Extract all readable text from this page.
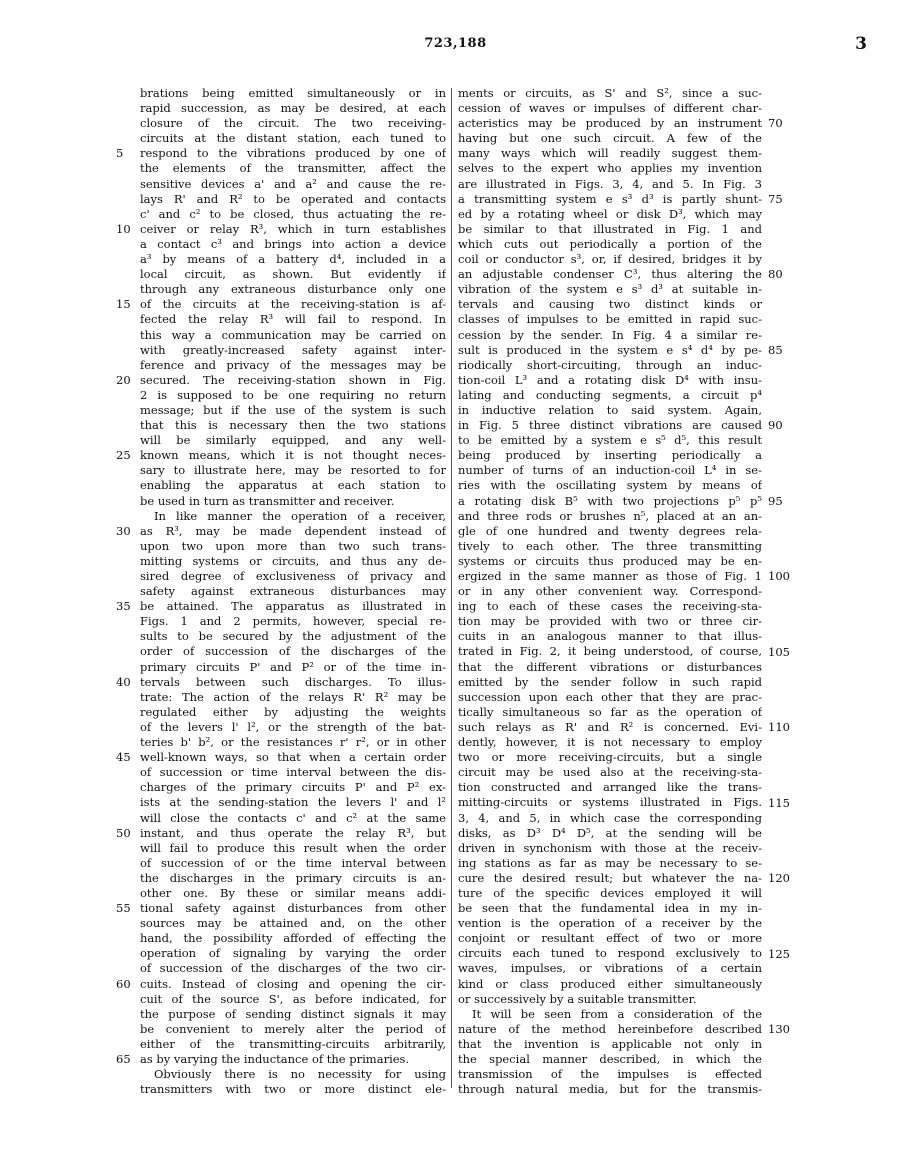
723,188	3
brations being emitted simultaneously or in
rapid succession, as may be desired, at each
closure of the circuit. The two receiving-
circuits at the distant station, each tuned to
respond to the vibrations produced by one of
the elements of the transmitter, affect the
sensitive devices a' and a² and cause the re-
lays R' and R² to be operated and contacts
c' and c² to be closed, thus actuating the re-
ceiver or relay R³, which in turn establishes
a contact c³ and brings into action a device
a³ by means of a battery d⁴, included in a
local circuit, as shown. But evidently if
through any extraneous disturbance only one
of the circuits at the receiving-station is af-
fected the relay R³ will fail to respond. In
this way a communication may be carried on
with greatly-increased safety against inter-
ference and privacy of the messages may be
secured. The receiving-station shown in Fig.
2 is supposed to be one requiring no return
message; but if the use of the system is such
that this is necessary then the two stations
will be similarly equipped, and any well-
known means, which it is not thought neces-
sary to illustrate here, may be resorted to for
enabling the apparatus at each station to
be used in turn as transmitter and receiver.
In like manner the operation of a receiver,
as R³, may be made dependent instead of
upon two upon more than two such trans-
mitting systems or circuits, and thus any de-
sired degree of exclusiveness of privacy and
safety against extraneous disturbances may
be attained. The apparatus as illustrated in
Figs. 1 and 2 permits, however, special re-
sults to be secured by the adjustment of the
order of succession of the discharges of the
primary circuits P' and P² or of the time in-
tervals between such discharges. To illus-
trate: The action of the relays R' R² may be
regulated either by adjusting the weights
of the levers l' l², or the strength of the bat-
teries b' b², or the resistances r' r², or in other
well-known ways, so that when a certain order
of succession or time interval between the dis-
charges of the primary circuits P' and P² ex-
ists at the sending-station the levers l' and l²
will close the contacts c' and c² at the same
instant, and thus operate the relay R³, but
will fail to produce this result when the order
of succession of or the time interval between
the discharges in the primary circuits is an-
other one. By these or similar means addi-
tional safety against disturbances from other
sources may be attained and, on the other
hand, the possibility afforded of effecting the
operation of signaling by varying the order
of succession of the discharges of the two cir-
cuits. Instead of closing and opening the cir-
cuit of the source S', as before indicated, for
the purpose of sending distinct signals it may
be convenient to merely alter the period of
either of the transmitting-circuits arbitrarily,
as by varying the inductance of the primaries.
Obviously there is no necessity for using
transmitters with two or more distinct ele-
ments or circuits, as S' and S², since a suc-
cession of waves or impulses of different char-
acteristics may be produced by an instrument
having but one such circuit. A few of the
many ways which will readily suggest them-
selves to the expert who applies my invention
are illustrated in Figs. 3, 4, and 5. In Fig. 3
a transmitting system e s³ d³ is partly shunt-
ed by a rotating wheel or disk D³, which may
be similar to that illustrated in Fig. 1 and
which cuts out periodically a portion of the
coil or conductor s³, or, if desired, bridges it by
an adjustable condenser C³, thus altering the
vibration of the system e s³ d³ at suitable in-
tervals and causing two distinct kinds or
classes of impulses to be emitted in rapid suc-
cession by the sender. In Fig. 4 a similar re-
sult is produced in the system e s⁴ d⁴ by pe-
riodically short-circuiting, through an induc-
tion-coil L³ and a rotating disk D⁴ with insu-
lating and conducting segments, a circuit p⁴
in inductive relation to said system. Again,
in Fig. 5 three distinct vibrations are caused
to be emitted by a system e s⁵ d⁵, this result
being produced by inserting periodically a
number of turns of an induction-coil L⁴ in se-
ries with the oscillating system by means of
a rotating disk B⁵ with two projections p⁵ p⁵
and three rods or brushes n⁵, placed at an an-
gle of one hundred and twenty degrees rela-
tively to each other. The three transmitting
systems or circuits thus produced may be en-
ergized in the same manner as those of Fig. 1
or in any other convenient way. Correspond-
ing to each of these cases the receiving-sta-
tion may be provided with two or three cir-
cuits in an analogous manner to that illus-
trated in Fig. 2, it being understood, of course,
that the different vibrations or disturbances
emitted by the sender follow in such rapid
succession upon each other that they are prac-
tically simultaneous so far as the operation of
such relays as R' and R² is concerned. Evi-
dently, however, it is not necessary to employ
two or more receiving-circuits, but a single
circuit may be used also at the receiving-sta-
tion constructed and arranged like the trans-
mitting-circuits or systems illustrated in Figs.
3, 4, and 5, in which case the corresponding
disks, as D³ D⁴ D⁵, at the sending will be
driven in synchonism with those at the receiv-
ing stations as far as may be necessary to se-
cure the desired result; but whatever the na-
ture of the specific devices employed it will
be seen that the fundamental idea in my in-
vention is the operation of a receiver by the
conjoint or resultant effect of two or more
circuits each tuned to respond exclusively to
waves, impulses, or vibrations of a certain
kind or class produced either simultaneously
or successively by a suitable transmitter.
It will be seen from a consideration of the
nature of the method hereinbefore described
that the invention is applicable not only in
the special manner described, in which the
transmission of the impulses is effected
through natural media, but for the transmis-
5
10
15
20
25
30
35
40
45
50
55
60
65
70
75
80
85
90
95
100
105
110
115
120
125
130
